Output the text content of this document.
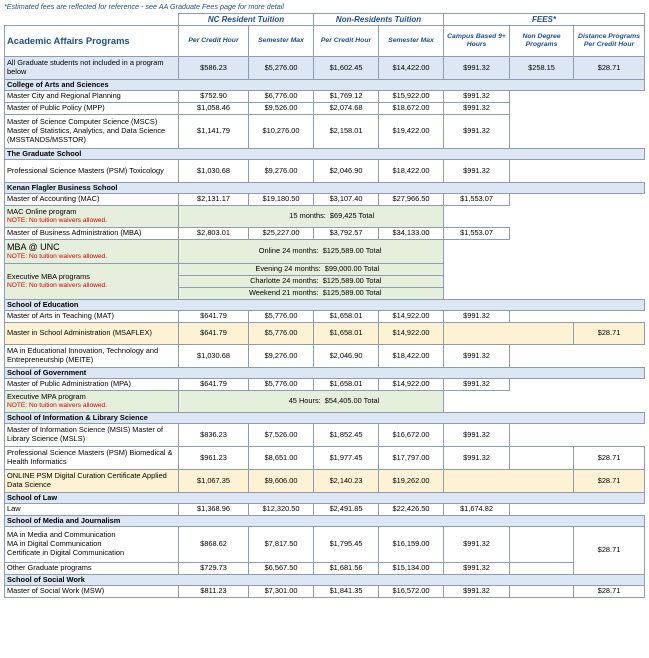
*Estimated fees are reflected for reference - see AA Graduate Fees page for more detail
	NC Resident Tuition		Non-Residents Tuition		FEES*		
Academic Affairs Programs	Per Credit Hour	Semester Max	Per Credit Hour	Semester Max	Campus Based 9+ Hours	Non Degree Programs	Distance Programs Per Credit Hour
All Graduate students not included in a program below	$586.23	$5,276.00	$1,602.45	$14,422.00	$991.32	$258.15	$28.71
College of Arts and Sciences							
Master City and Regional Planning	$752.90	$6,776.00	$1,769.12	$15,922.00	$991.32		
Master of Public Policy (MPP)	$1,058.46	$9,526.00	$2,074.68	$18,672.00	$991.32		
Master of Science Computer Science (MSCS) Master of Statistics, Analytics, and Data Science (MSSTANDS/MSSTOR)	$1,141.79	$10,276.00	$2,158.01	$19,422.00	$991.32		
The Graduate School							
Professional Science Masters (PSM) Toxicology	$1,030.68	$9,276.00	$2,046.90	$18,422.00	$991.32		
Kenan Flagler Business School							
Master of Accounting (MAC)	$2,131.17	$19,180.50	$3,107.40	$27,966.50	$1,553.07		
MAC Online program
NOTE: No tuition waivers allowed.	15 months: $69,425 Total						
Master of Business Administration (MBA)	$2,803.01	$25,227.00	$3,792.57	$34,133.00	$1,553.07		
MBA @ UNC
NOTE: No tuition waivers allowed.	Online 24 months: $125,589.00 Total						
Executive MBA programs
NOTE: No tuition waivers allowed.	Evening 24 months: $99,000.00 Total						
	Charlotte 24 months: $125,589.00 Total						
	Weekend 21 months: $125,589.00 Total						
School of Education							
Master of Arts in Teaching (MAT)	$641.79	$5,776.00	$1,658.01	$14,922.00	$991.32		
Master in School Administration (MSAFLEX)	$641.79	$5,776.00	$1,658.01	$14,922.00			$28.71
MA in Educational Innovation, Technology and Entrepreneurship (MEITE)	$1,030.68	$9,276.00	$2,046.90	$18,422.00	$991.32		
School of Government							
Master of Public Administration (MPA)	$641.79	$5,776.00	$1,658.01	$14,922.00	$991.32		
Executive MPA program
NOTE: No tuition waivers allowed.	45 Hours: $54,405.00 Total						
School of Information & Library Science							
Master of Information Science (MSIS) Master of Library Science (MSLS)	$836.23	$7,526.00	$1,852.45	$16,672.00	$991.32		
Professional Science Masters (PSM) Biomedical & Health Informatics	$961.23	$8,651.00	$1,977.45	$17,797.00	$991.32		$28.71
ONLINE PSM Digital Curation Certificate Applied Data Science	$1,067.35	$9,606.00	$2,140.23	$19,262.00			$28.71
School of Law							
Law	$1,368.96	$12,320.50	$2,491.85	$22,426.50	$1,674.82		
School of Media and Journalism							
MA in Media and Communication
MA in Digital Communication
Certificate in Digital Communication	$868.62	$7,817.50	$1,795.45	$16,159.00	$991.32		$28.71
Other Graduate programs	$729.73	$6,567.50	$1,681.56	$15,134.00	$991.32		
School of Social Work							
Master of Social Work (MSW)	$811.23	$7,301.00	$1,841.35	$16,572.00	$991.32		$28.71
